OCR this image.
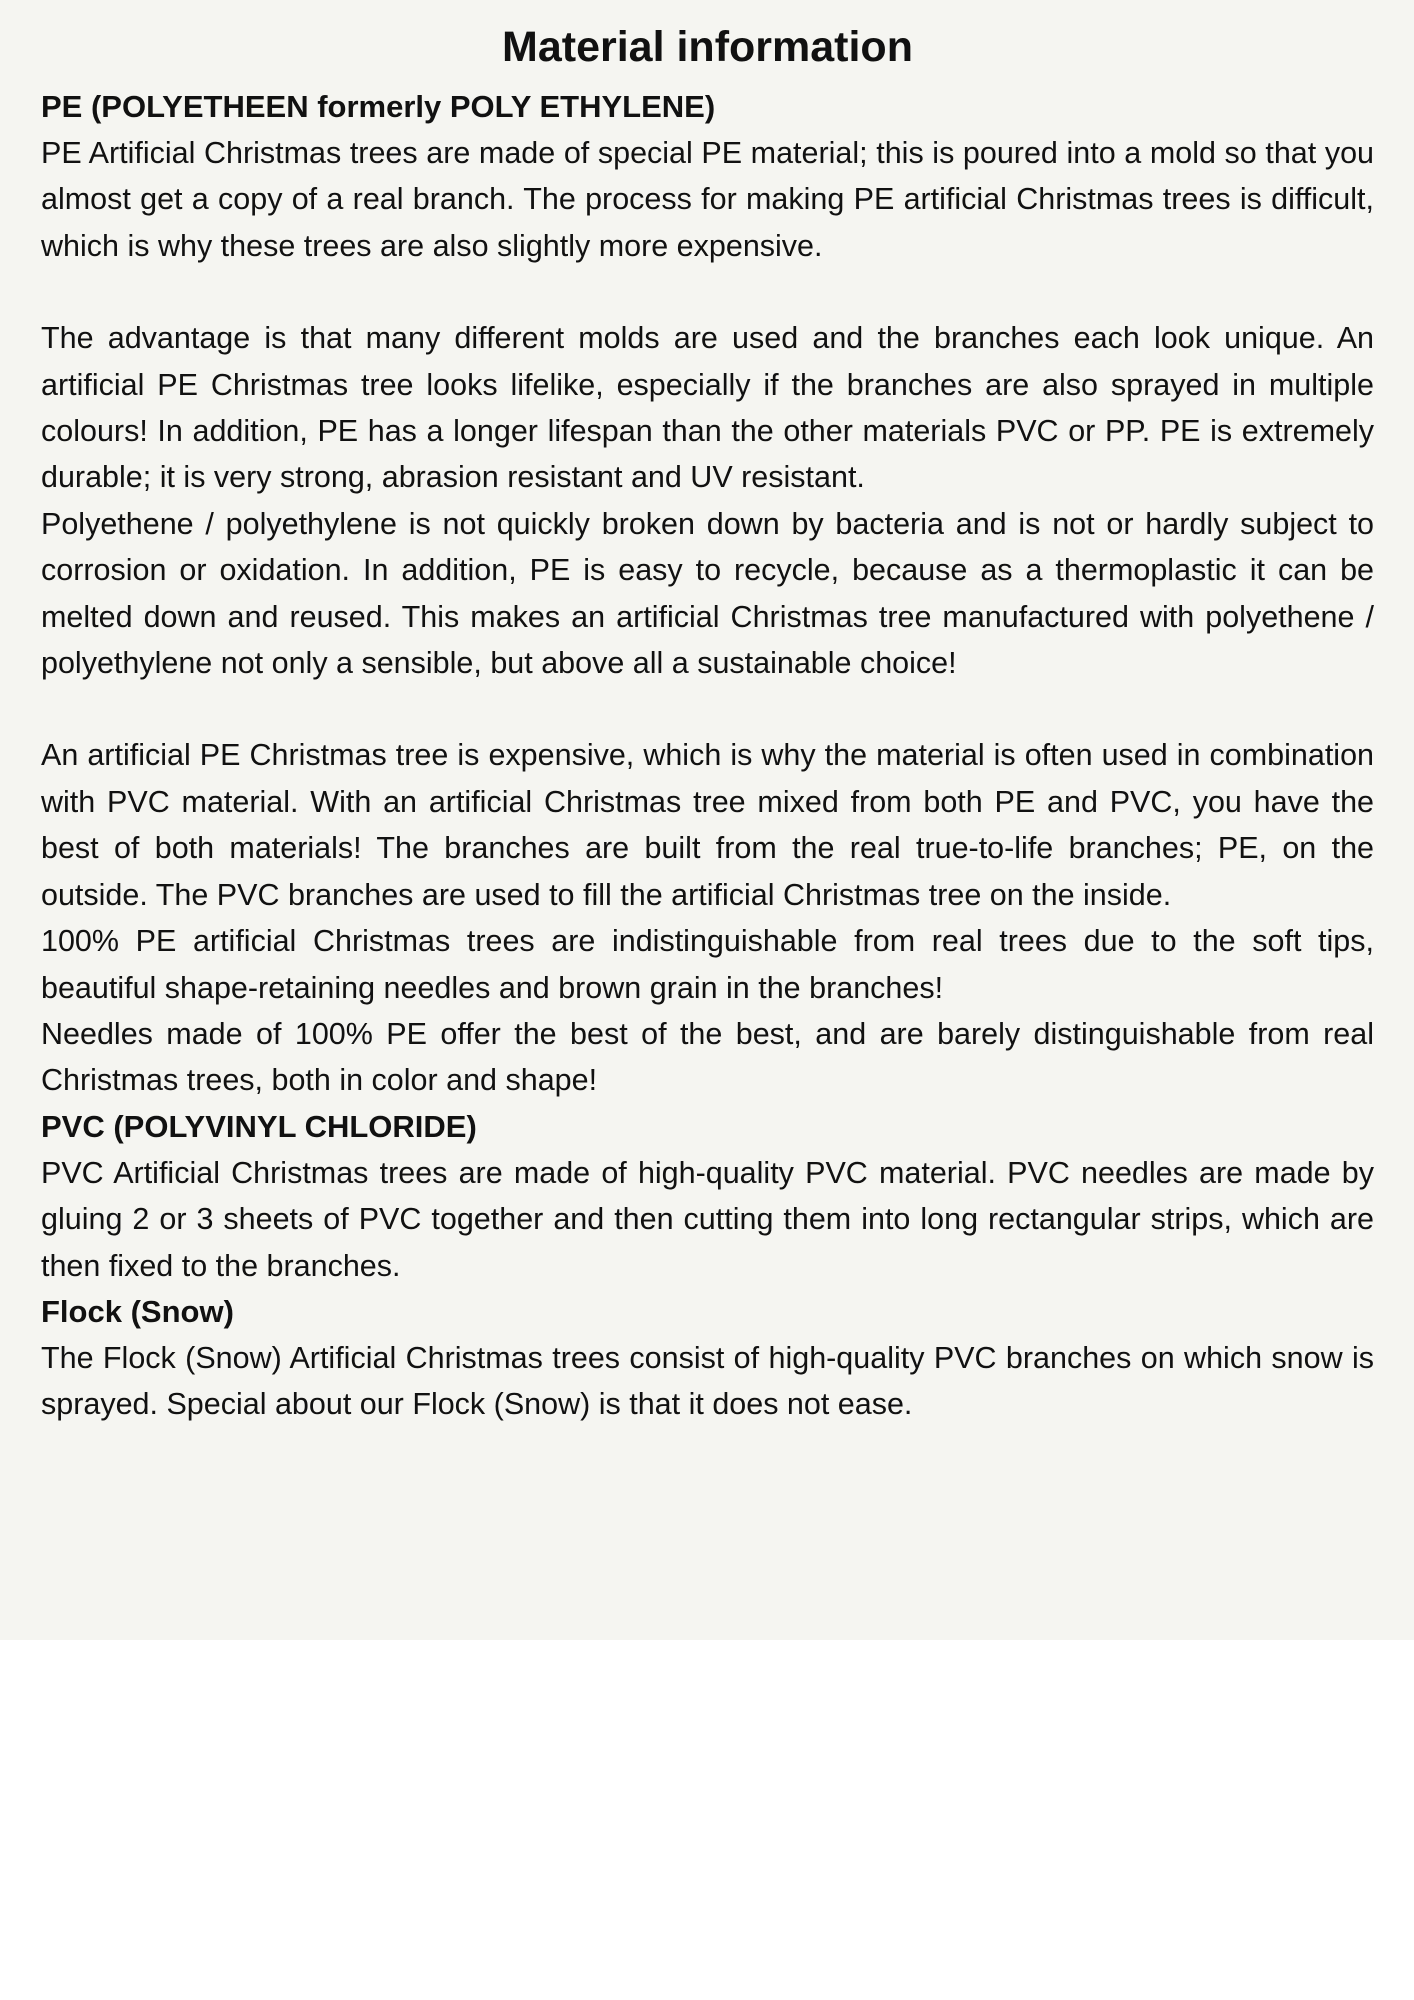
Material information
PE (POLYETHEEN formerly POLY ETHYLENE)

PE Artificial Christmas trees are made of special PE material; this is poured into a mold so that you almost get a copy of a real branch. The process for making PE artificial Christmas trees is difficult, which is why these trees are also slightly more expensive.

The advantage is that many different molds are used and the branches each look unique. An artificial PE Christmas tree looks lifelike, especially if the branches are also sprayed in multiple colours! In addition, PE has a longer lifespan than the other materials PVC or PP. PE is extremely durable; it is very strong, abrasion resistant and UV resistant.

Polyethene / polyethylene is not quickly broken down by bacteria and is not or hardly subject to corrosion or oxidation. In addition, PE is easy to recycle, because as a thermoplastic it can be melted down and reused. This makes an artificial Christmas tree manufactured with polyethene / polyethylene not only a sensible, but above all a sustainable choice!

An artificial PE Christmas tree is expensive, which is why the material is often used in combination with PVC material. With an artificial Christmas tree mixed from both PE and PVC, you have the best of both materials! The branches are built from the real true-to-life branches; PE, on the outside. The PVC branches are used to fill the artificial Christmas tree on the inside.

100% PE artificial Christmas trees are indistinguishable from real trees due to the soft tips, beautiful shape-retaining needles and brown grain in the branches!

Needles made of 100% PE offer the best of the best, and are barely distinguishable from real Christmas trees, both in color and shape!

PVC (POLYVINYL CHLORIDE)

PVC Artificial Christmas trees are made of high-quality PVC material. PVC needles are made by gluing 2 or 3 sheets of PVC together and then cutting them into long rectangular strips, which are then fixed to the branches.

Flock (Snow)

The Flock (Snow) Artificial Christmas trees consist of high-quality PVC branches on which snow is sprayed. Special about our Flock (Snow) is that it does not ease.
